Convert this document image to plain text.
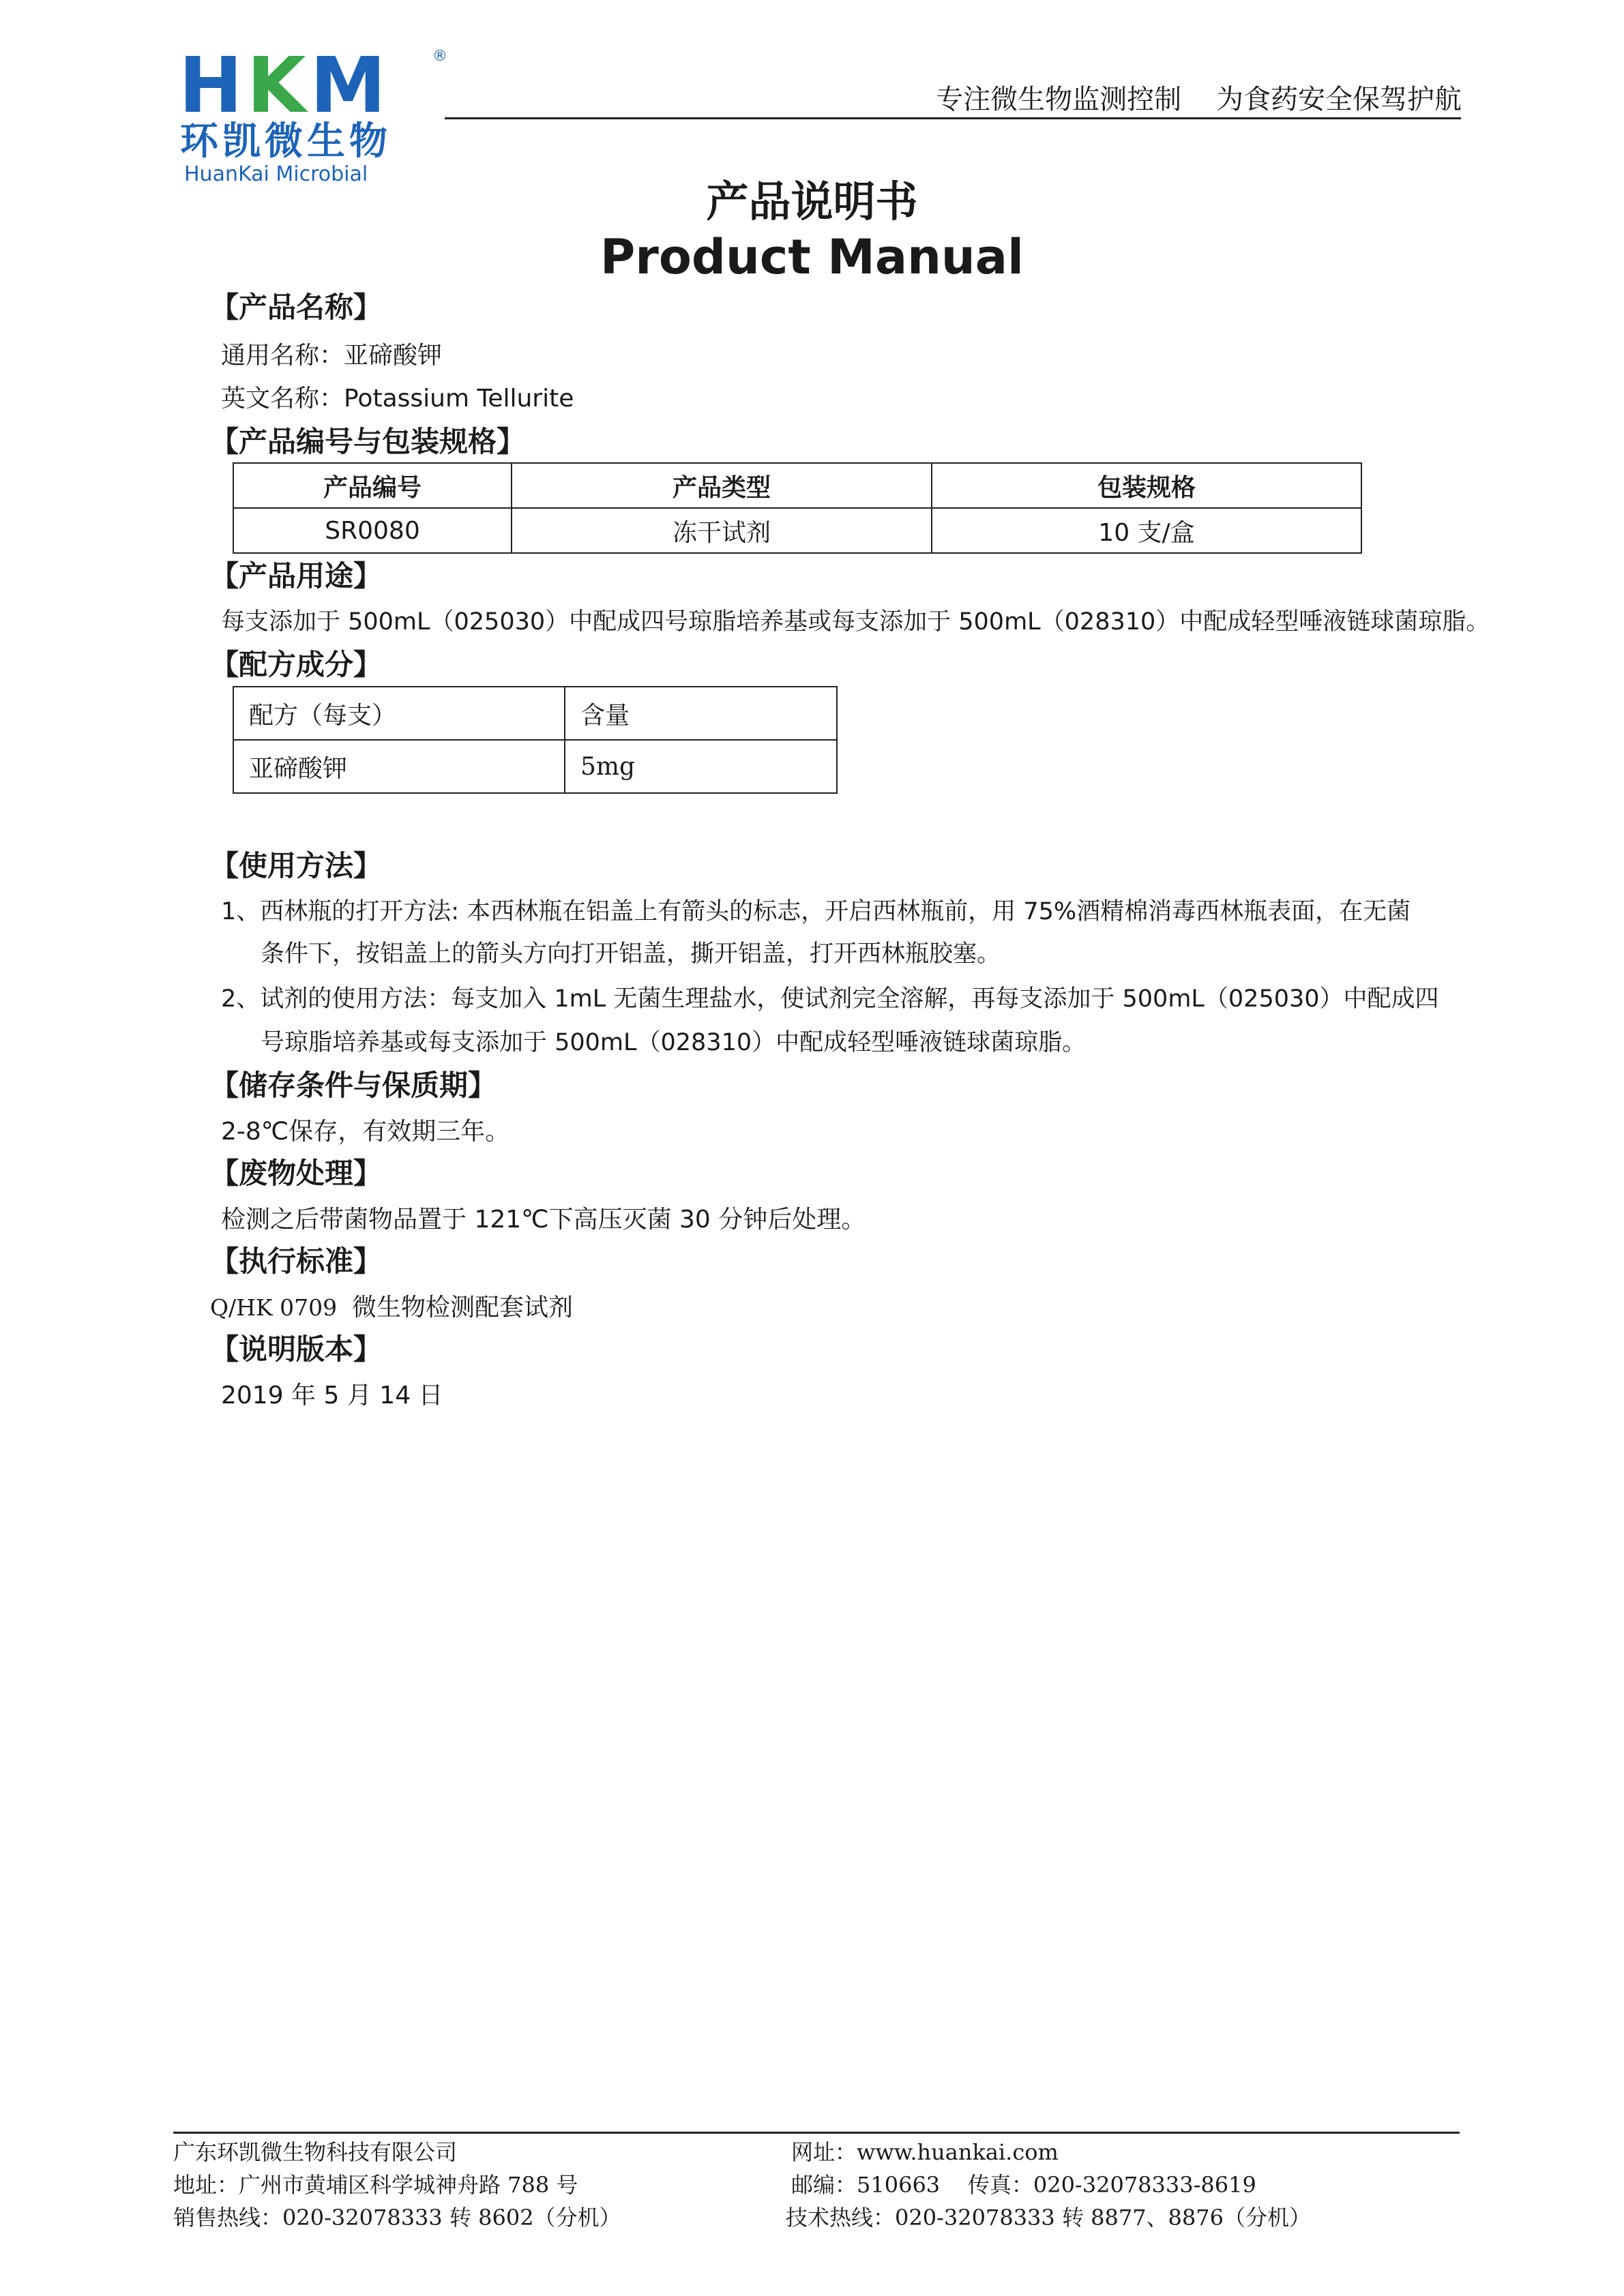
HKM	®
环凯微生物
HuanKai Microbial
专注微生物监测控制    为食药安全保驾护航
产品说明书
Product Manual
【产品名称】
通用名称：亚碲酸钾
英文名称：Potassium Tellurite
【产品编号与包装规格】
产品编号	产品类型	包装规格
SR0080	冻干试剂	10 支/盒
【产品用途】
每支添加于 500mL（025030）中配成四号琼脂培养基或每支添加于 500mL（028310）中配成轻型唾液链球菌琼脂。
【配方成分】
配方（每支）	含量
亚碲酸钾	5mg
【使用方法】
1、西林瓶的打开方法: 本西林瓶在铝盖上有箭头的标志，开启西林瓶前，用 75%酒精棉消毒西林瓶表面，在无菌
条件下，按铝盖上的箭头方向打开铝盖，撕开铝盖，打开西林瓶胶塞。
2、试剂的使用方法：每支加入 1mL 无菌生理盐水，使试剂完全溶解，再每支添加于 500mL（025030）中配成四
号琼脂培养基或每支添加于 500mL（028310）中配成轻型唾液链球菌琼脂。
【储存条件与保质期】
2-8℃保存，有效期三年。
【废物处理】
检测之后带菌物品置于 121℃下高压灭菌 30 分钟后处理。
【执行标准】
Q/HK 0709 微生物检测配套试剂
【说明版本】
2019 年 5 月 14 日
广东环凯微生物科技有限公司
地址：广州市黄埔区科学城神舟路 788 号
销售热线：020-32078333 转 8602（分机）
网址：www.huankai.com
邮编：510663    传真：020-32078333-8619
技术热线：020-32078333 转 8877、8876（分机）
